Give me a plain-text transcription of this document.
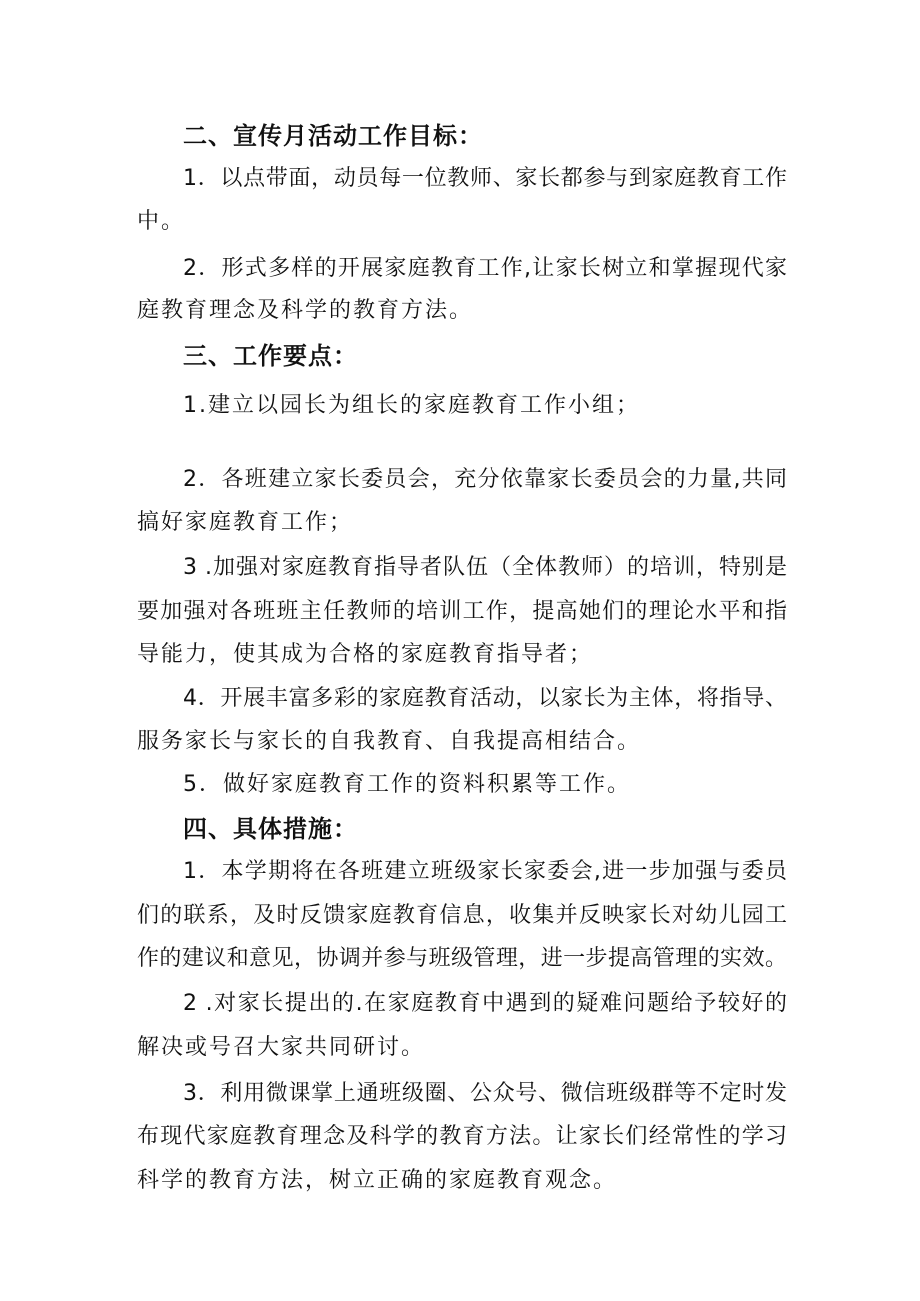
二、宣传月活动工作目标：
1．以点带面，动员每一位教师、家长都参与到家庭教育工作
中。
2．形式多样的开展家庭教育工作,让家长树立和掌握现代家
庭教育理念及科学的教育方法。
三、工作要点：
1.建立以园长为组长的家庭教育工作小组；
2．各班建立家长委员会，充分依靠家长委员会的力量,共同
搞好家庭教育工作；
3 .加强对家庭教育指导者队伍（全体教师）的培训，特别是
要加强对各班班主任教师的培训工作，提高她们的理论水平和指
导能力，使其成为合格的家庭教育指导者；
4．开展丰富多彩的家庭教育活动，以家长为主体，将指导、
服务家长与家长的自我教育、自我提高相结合。
5．做好家庭教育工作的资料积累等工作。
四、具体措施：
1．本学期将在各班建立班级家长家委会,进一步加强与委员
们的联系，及时反馈家庭教育信息，收集并反映家长对幼儿园工
作的建议和意见，协调并参与班级管理，进一步提高管理的实效。
2 .对家长提出的.在家庭教育中遇到的疑难问题给予较好的
解决或号召大家共同研讨。
3．利用微课掌上通班级圈、公众号、微信班级群等不定时发
布现代家庭教育理念及科学的教育方法。让家长们经常性的学习
科学的教育方法，树立正确的家庭教育观念。
